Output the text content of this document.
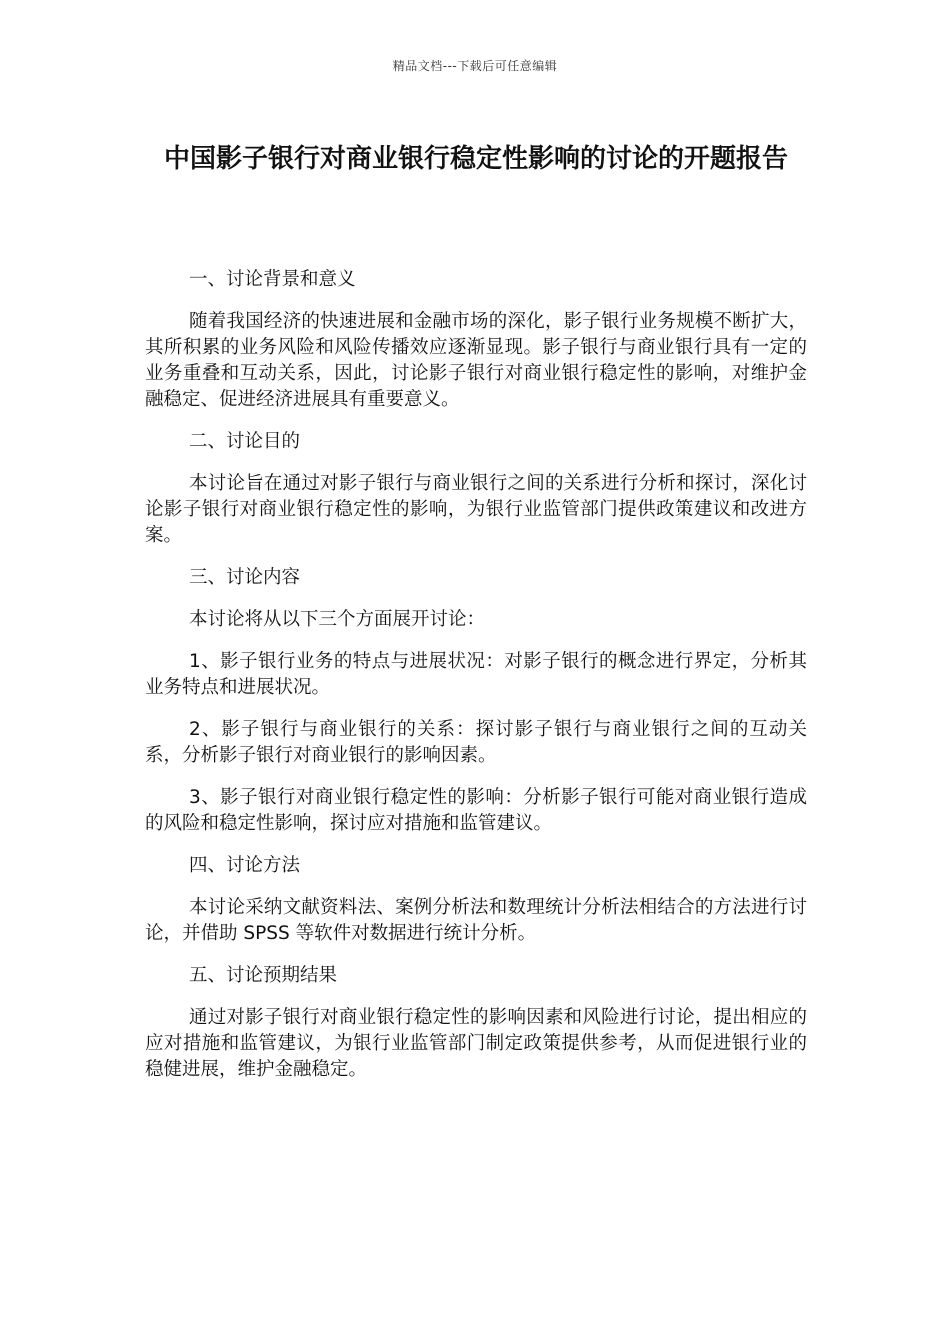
精品文档---下载后可任意编辑
中国影子银行对商业银行稳定性影响的讨论的开题报告

一、讨论背景和意义

随着我国经济的快速进展和金融市场的深化，影子银行业务规模不断扩大，其所积累的业务风险和风险传播效应逐渐显现。影子银行与商业银行具有一定的业务重叠和互动关系，因此，讨论影子银行对商业银行稳定性的影响，对维护金融稳定、促进经济进展具有重要意义。

二、讨论目的

本讨论旨在通过对影子银行与商业银行之间的关系进行分析和探讨，深化讨论影子银行对商业银行稳定性的影响，为银行业监管部门提供政策建议和改进方案。

三、讨论内容

本讨论将从以下三个方面展开讨论：

1、影子银行业务的特点与进展状况：对影子银行的概念进行界定，分析其业务特点和进展状况。

2、影子银行与商业银行的关系：探讨影子银行与商业银行之间的互动关系，分析影子银行对商业银行的影响因素。

3、影子银行对商业银行稳定性的影响：分析影子银行可能对商业银行造成的风险和稳定性影响，探讨应对措施和监管建议。

四、讨论方法

本讨论采纳文献资料法、案例分析法和数理统计分析法相结合的方法进行讨论，并借助 SPSS 等软件对数据进行统计分析。

五、讨论预期结果

通过对影子银行对商业银行稳定性的影响因素和风险进行讨论，提出相应的应对措施和监管建议，为银行业监管部门制定政策提供参考，从而促进银行业的稳健进展，维护金融稳定。
